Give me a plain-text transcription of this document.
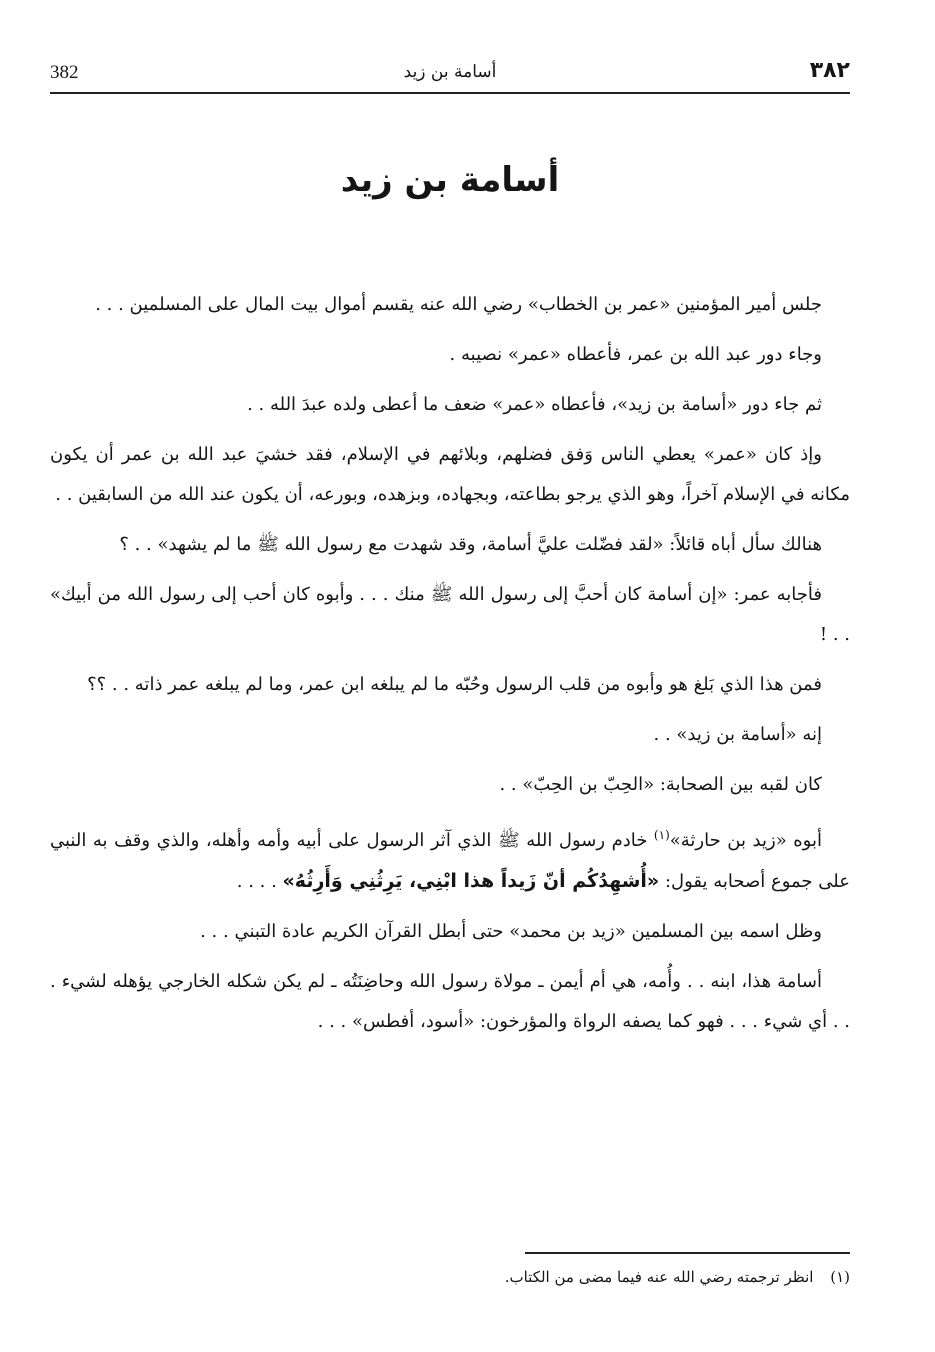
382	أسامة بن زيد	٣٨٢
أسامة بن زيد

جلس أمير المؤمنين «عمر بن الخطاب» رضي الله عنه يقسم أموال بيت المال على المسلمين . . .

وجاء دور عبد الله بن عمر، فأعطاه «عمر» نصيبه .

ثم جاء دور «أسامة بن زيد»، فأعطاه «عمر» ضعف ما أعطى ولده عبدَ الله . .

وإذ كان «عمر» يعطي الناس وَفق فضلهم، وبلائهم في الإسلام، فقد خشيَ عبد الله بن عمر أن يكون مكانه في الإسلام آخراً، وهو الذي يرجو بطاعته، وبجهاده، وبزهده، وبورعه، أن يكون عند الله من السابقين . .

هنالك سأل أباه قائلاً: «لقد فضّلت عليَّ أسامة، وقد شهدت مع رسول الله ﷺ ما لم يشهد» . . ؟

فأجابه عمر: «إن أسامة كان أحبَّ إلى رسول الله ﷺ منك . . . وأبوه كان أحب إلى رسول الله من أبيك» . . !

فمن هذا الذي بَلغ هو وأبوه من قلب الرسول وحُبّه ما لم يبلغه ابن عمر، وما لم يبلغه عمر ذاته . . ؟؟

إنه «أسامة بن زيد» . .

كان لقبه بين الصحابة: «الحِبّ بن الحِبّ» . .

أبوه «زيد بن حارثة»$^{(١)}$ خادم رسول الله ﷺ الذي آثر الرسول على أبيه وأمه وأهله، والذي وقف به النبي على جموع أصحابه يقول: «أُشهِدُكُم أنّ زَيداً هذا ابْنِي، يَرِثُنِي وَأَرِثُهُ» . . . .

وظل اسمه بين المسلمين «زيد بن محمد» حتى أبطل القرآن الكريم عادة التبني . . .

أسامة هذا، ابنه . . وأُمه، هي أم أيمن ـ مولاة رسول الله وحاضِنَتُه ـ لم يكن شكله الخارجي يؤهله لشيء . . . أي شيء . . . فهو كما يصفه الرواة والمؤرخون: «أسود، أفطس» . . .

(١) انظر ترجمته رضي الله عنه فيما مضى من الكتاب.
